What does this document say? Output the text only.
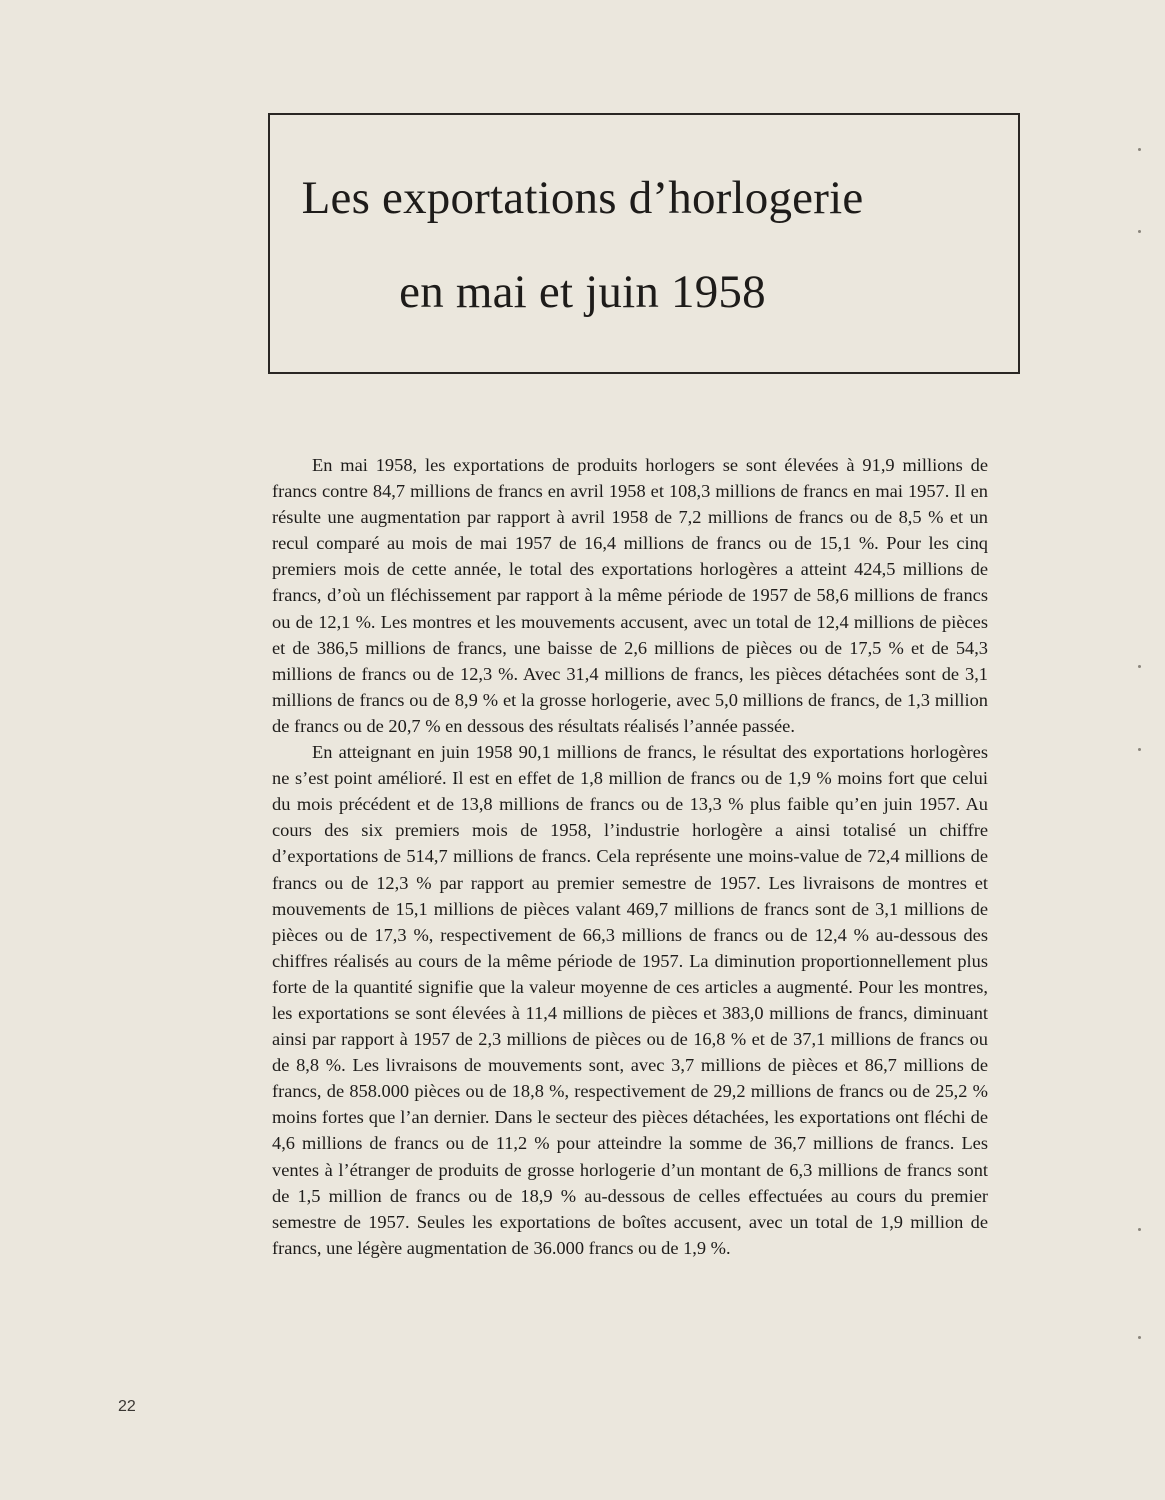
Les exportations d’horlogerie
en mai et juin 1958

En mai 1958, les exportations de produits horlogers se sont élevées à 91,9 millions de francs contre 84,7 millions de francs en avril 1958 et 108,3 millions de francs en mai 1957. Il en résulte une augmentation par rapport à avril 1958 de 7,2 millions de francs ou de 8,5 % et un recul comparé au mois de mai 1957 de 16,4 millions de francs ou de 15,1 %. Pour les cinq premiers mois de cette année, le total des exportations horlogères a atteint 424,5 millions de francs, d’où un fléchissement par rapport à la même période de 1957 de 58,6 millions de francs ou de 12,1 %. Les montres et les mouvements accusent, avec un total de 12,4 millions de pièces et de 386,5 millions de francs, une baisse de 2,6 millions de pièces ou de 17,5 % et de 54,3 millions de francs ou de 12,3 %. Avec 31,4 millions de francs, les pièces détachées sont de 3,1 millions de francs ou de 8,9 % et la grosse horlogerie, avec 5,0 millions de francs, de 1,3 million de francs ou de 20,7 % en dessous des résultats réalisés l’année passée.

En atteignant en juin 1958 90,1 millions de francs, le résultat des exportations horlogères ne s’est point amélioré. Il est en effet de 1,8 million de francs ou de 1,9 % moins fort que celui du mois précédent et de 13,8 millions de francs ou de 13,3 % plus faible qu’en juin 1957. Au cours des six premiers mois de 1958, l’industrie horlogère a ainsi totalisé un chiffre d’exportations de 514,7 millions de francs. Cela représente une moins-value de 72,4 millions de francs ou de 12,3 % par rapport au premier semestre de 1957. Les livraisons de montres et mouvements de 15,1 millions de pièces valant 469,7 millions de francs sont de 3,1 millions de pièces ou de 17,3 %, respectivement de 66,3 millions de francs ou de 12,4 % au-dessous des chiffres réalisés au cours de la même période de 1957. La diminution proportionnellement plus forte de la quantité signifie que la valeur moyenne de ces articles a augmenté. Pour les montres, les exportations se sont élevées à 11,4 millions de pièces et 383,0 millions de francs, diminuant ainsi par rapport à 1957 de 2,3 millions de pièces ou de 16,8 % et de 37,1 millions de francs ou de 8,8 %. Les livraisons de mouvements sont, avec 3,7 millions de pièces et 86,7 millions de francs, de 858.000 pièces ou de 18,8 %, respectivement de 29,2 millions de francs ou de 25,2 % moins fortes que l’an dernier. Dans le secteur des pièces détachées, les exportations ont fléchi de 4,6 millions de francs ou de 11,2 % pour atteindre la somme de 36,7 millions de francs. Les ventes à l’étranger de produits de grosse horlogerie d’un montant de 6,3 millions de francs sont de 1,5 million de francs ou de 18,9 % au-dessous de celles effectuées au cours du premier semestre de 1957. Seules les exportations de boîtes accusent, avec un total de 1,9 million de francs, une légère augmentation de 36.000 francs ou de 1,9 %.

22
